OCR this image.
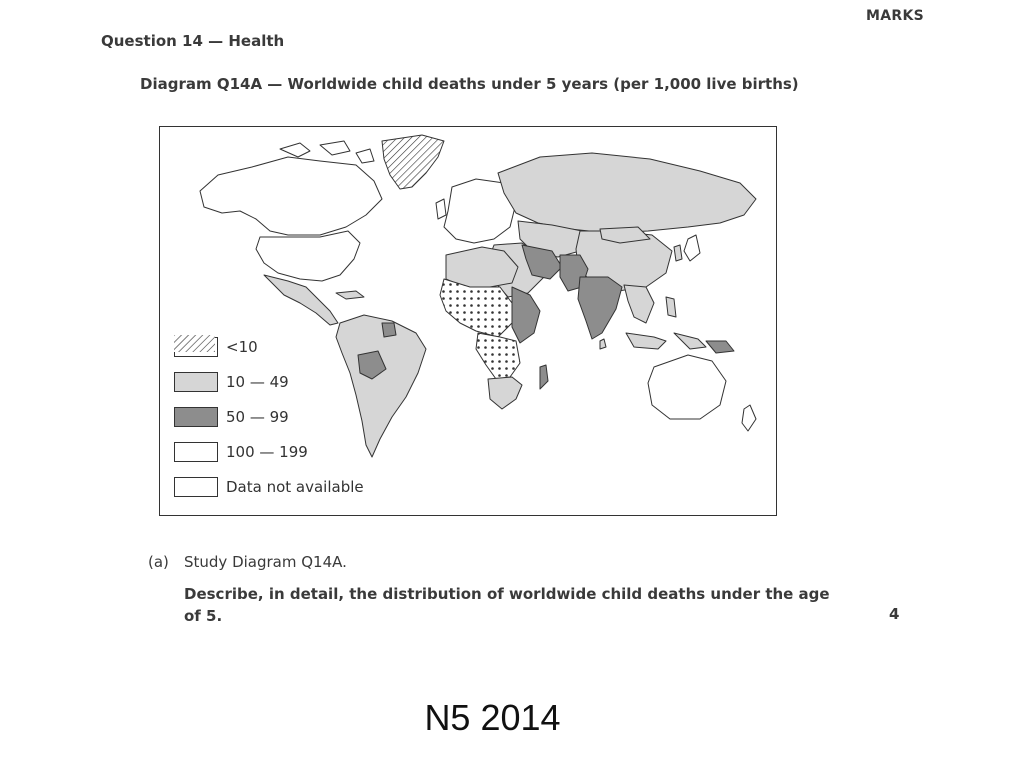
MARKS
Question 14 — Health
Diagram Q14A — Worldwide child deaths under 5 years (per 1,000 live births)
<10
10 — 49
50 — 99
100 — 199
Data not available
(a) Study Diagram Q14A.
Describe, in detail, the distribution of worldwide child deaths under the age of 5.	4
N5 2014
